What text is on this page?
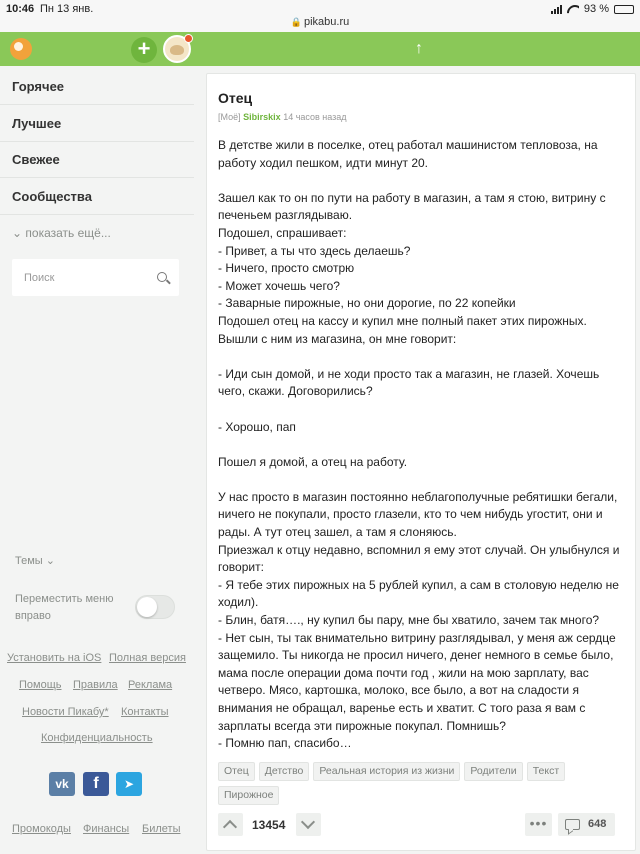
10:46 Пн 13 янв.
🔒 pikabu.ru
93 %
+	↑
Горячее
Лучшее
Свежее
Сообщества
⌄ показать ещё...
Поиск
Темы ⌄
Переместить меню вправо
Установить на iOS Полная версия
Помощь Правила Реклама
Новости Пикабу* Контакты
Конфиденциальность
vk	f	➤
Промокоды Финансы Билеты
Отец
[Моё] Sibirskix 14 часов назад

В детстве жили в поселке, отец работал машинистом тепловоза, на работу ходил пешком, идти минут 20.

Зашел как то он по пути на работу в магазин, а там я стою, витрину с печеньем разглядываю.
Подошел, спрашивает:
- Привет, а ты что здесь делаешь?
- Ничего, просто смотрю
- Может хочешь чего?
- Заварные пирожные, но они дорогие, по 22 копейки
Подошел отец на кассу и купил мне полный пакет этих пирожных.
Вышли с ним из магазина, он мне говорит:

- Иди сын домой, и не ходи просто так а магазин, не глазей. Хочешь чего, скажи. Договорились?

- Хорошо, пап

Пошел я домой, а отец на работу.

У нас просто в магазин постоянно неблагополучные ребятишки бегали, ничего не покупали, просто глазели, кто то чем нибудь угостит, они и рады. А тут отец зашел, а там я слоняюсь.
Приезжал к отцу недавно, вспомнил я ему этот случай. Он улыбнулся и говорит:
- Я тебе этих пирожных на 5 рублей купил, а сам в столовую неделю не ходил).
- Блин, батя…., ну купил бы пару, мне бы хватило, зачем так много?
- Нет сын, ты так внимательно витрину разглядывал, у меня аж сердце защемило. Ты никогда не просил ничего, денег немного в семье было, мама после операции дома почти год , жили на мою зарплату, вас четверо. Мясо, картошка, молоко, все было, а вот на сладости я внимания не обращал, варенье есть и хватит. С того раза я вам с зарплаты всегда эти пирожные покупал. Помнишь?
- Помню пап, спасибо…

Отец	Детство	Реальная история из жизни	Родители	Текст
Пирожное
13454	•••	648
